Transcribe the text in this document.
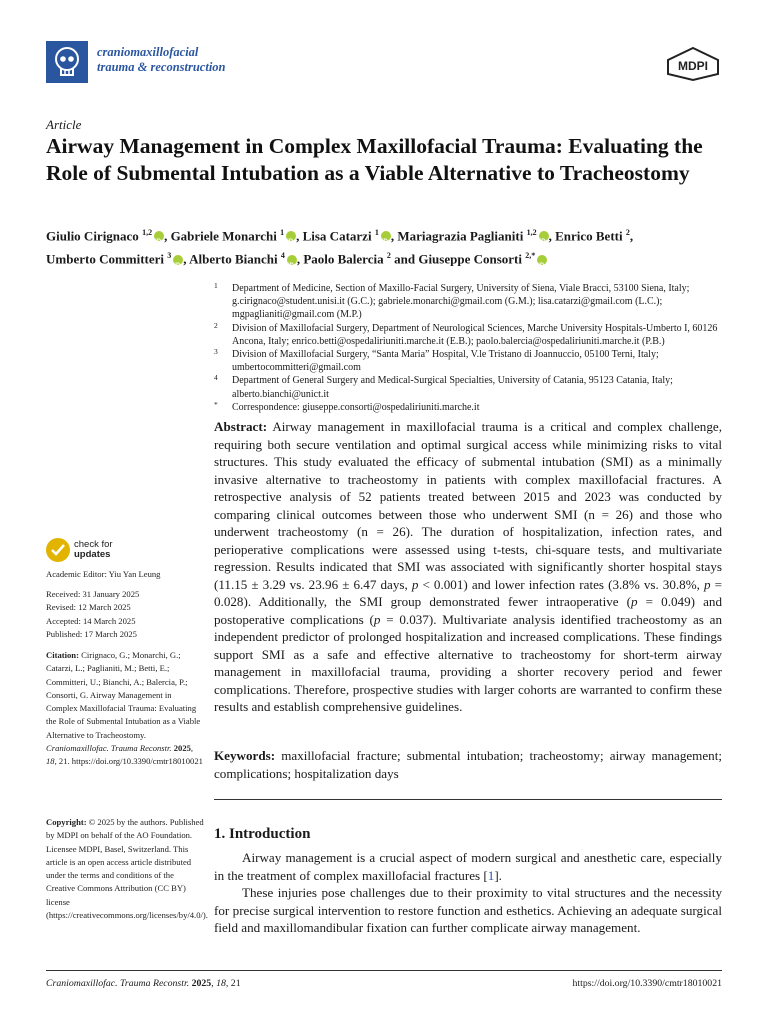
craniomaxillofacial
trauma & reconstruction	MDPI
Article
Airway Management in Complex Maxillofacial Trauma: Evaluating the Role of Submental Intubation as a Viable Alternative to Tracheostomy
Giulio Cirignaco $^{1,2}$ iD , Gabriele Monarchi $^1$ iD , Lisa Catarzi $^1$ iD , Mariagrazia Paglianiti $^{1,2}$ iD , Enrico Betti $^2$,
Umberto Committeri $^3$ iD , Alberto Bianchi $^4$ iD , Paolo Balercia $^2$ and Giuseppe Consorti $^{2,*}$iD
1 Department of Medicine, Section of Maxillo-Facial Surgery, University of Siena, Viale Bracci, 53100 Siena, Italy; g.cirignaco@student.unisi.it (G.C.); gabriele.monarchi@gmail.com (G.M.); lisa.catarzi@gmail.com (L.C.); mgpaglianiti@gmail.com (M.P.)
2 Division of Maxillofacial Surgery, Department of Neurological Sciences, Marche University Hospitals-Umberto I, 60126 Ancona, Italy; enrico.betti@ospedaliriuniti.marche.it (E.B.); paolo.balercia@ospedaliriuniti.marche.it (P.B.)
3 Division of Maxillofacial Surgery, “Santa Maria” Hospital, V.le Tristano di Joannuccio, 05100 Terni, Italy; umbertocommitteri@gmail.com
4 Department of General Surgery and Medical-Surgical Specialties, University of Catania, 95123 Catania, Italy; alberto.bianchi@unict.it
* Correspondence: giuseppe.consorti@ospedaliriuniti.marche.it
Abstract: Airway management in maxillofacial trauma is a critical and complex challenge, requiring both secure ventilation and optimal surgical access while minimizing risks to vital structures. This study evaluated the efficacy of submental intubation (SMI) as a minimally invasive alternative to tracheostomy in patients with complex maxillofacial fractures. A retrospective analysis of 52 patients treated between 2015 and 2023 was conducted by comparing clinical outcomes between those who underwent SMI (n = 26) and those who underwent tracheostomy (n = 26). The duration of hospitalization, infection rates, and perioperative complications were assessed using t-tests, chi-square tests, and multivariate regression. Results indicated that SMI was associated with significantly shorter hospital stays (11.15 ± 3.29 vs. 23.96 ± 6.47 days, p < 0.001) and lower infection rates (3.8% vs. 30.8%, p = 0.028). Additionally, the SMI group demonstrated fewer intraoperative (p = 0.049) and postoperative complications (p = 0.037). Multivariate analysis identified tracheostomy as an independent predictor of prolonged hospitalization and increased complications. These findings support SMI as a safe and effective alternative to tracheostomy for short-term airway management in maxillofacial trauma, providing a shorter recovery period and fewer complications. Therefore, prospective studies with larger cohorts are warranted to confirm these results and establish comprehensive guidelines.
Keywords: maxillofacial fracture; submental intubation; tracheostomy; airway management; complications; hospitalization days
1. Introduction

Airway management is a crucial aspect of modern surgical and anesthetic care, especially in the treatment of complex maxillofacial fractures [1].

These injuries pose challenges due to their proximity to vital structures and the necessity for precise surgical intervention to restore function and esthetics. Achieving an adequate surgical field and maxillomandibular fixation can further complicate airway management.

check for
updates
Academic Editor: Yiu Yan Leung
Received: 31 January 2025
Revised: 12 March 2025
Accepted: 14 March 2025
Published: 17 March 2025
Citation: Cirignaco, G.; Monarchi, G.; Catarzi, L.; Paglianiti, M.; Betti, E.; Committeri, U.; Bianchi, A.; Balercia, P.; Consorti, G. Airway Management in Complex Maxillofacial Trauma: Evaluating the Role of Submental Intubation as a Viable Alternative to Tracheostomy. Craniomaxillofac. Trauma Reconstr. 2025, 18, 21. https://doi.org/10.3390/cmtr18010021
Copyright: © 2025 by the authors. Published by MDPI on behalf of the AO Foundation. Licensee MDPI, Basel, Switzerland. This article is an open access article distributed under the terms and conditions of the Creative Commons Attribution (CC BY) license (https://creativecommons.org/licenses/by/4.0/).
Craniomaxillofac. Trauma Reconstr. 2025, 18, 21	https://doi.org/10.3390/cmtr18010021
